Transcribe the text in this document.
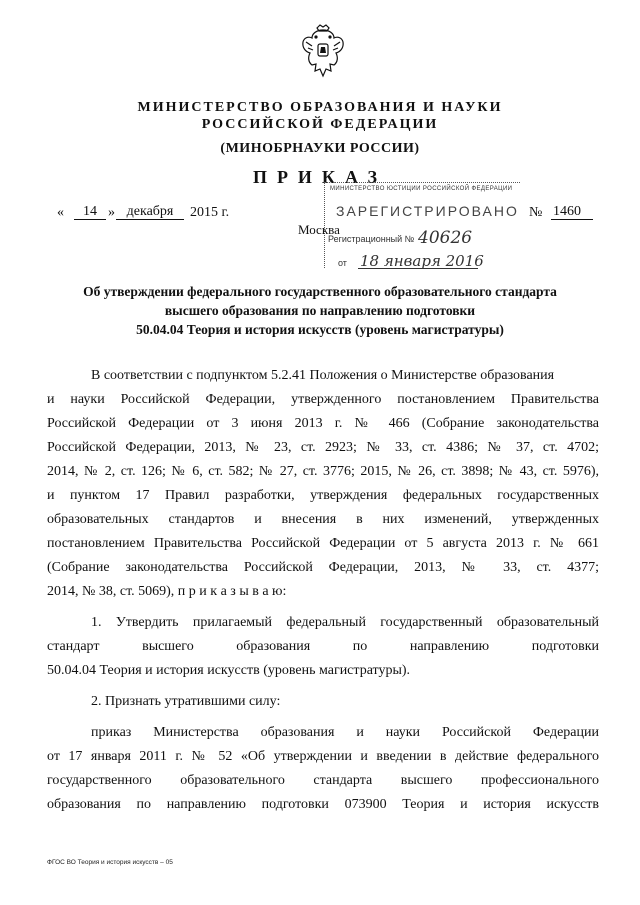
МИНИСТЕРСТВО ОБРАЗОВАНИЯ И НАУКИ
РОССИЙСКОЙ ФЕДЕРАЦИИ
(МИНОБРНАУКИ РОССИИ)
ПРИКАЗ
МИНИСТЕРСТВО ЮСТИЦИИ РОССИЙСКОЙ ФЕДЕРАЦИИ
ЗАРЕГИСТРИРОВАНО
Регистрационный № 40626
от 18 января 2016
«	14 » декабря	2015 г.	№ 1460
Москва
Об утверждении федерального государственного образовательного стандарта
высшего образования по направлению подготовки
50.04.04 Теория и история искусств (уровень магистратуры)
В соответствии с подпунктом 5.2.41 Положения о Министерстве образования
и науки Российской Федерации, утвержденного постановлением Правительства
Российской Федерации от 3 июня 2013 г. № 466 (Собрание законодательства
Российской Федерации, 2013, № 23, ст. 2923; № 33, ст. 4386; № 37, ст. 4702;
2014, № 2, ст. 126; № 6, ст. 582; № 27, ст. 3776; 2015, № 26, ст. 3898; № 43, ст. 5976),
и пунктом 17 Правил разработки, утверждения федеральных государственных
образовательных стандартов и внесения в них изменений, утвержденных
постановлением Правительства Российской Федерации от 5 августа 2013 г. № 661
(Собрание законодательства Российской Федерации, 2013, № 33, ст. 4377;
2014, № 38, ст. 5069), п р и к а з ы в а ю:
1. Утвердить прилагаемый федеральный государственный образовательный
стандарт высшего образования по направлению подготовки
50.04.04 Теория и история искусств (уровень магистратуры).
2. Признать утратившими силу:
приказ Министерства образования и науки Российской Федерации
от 17 января 2011 г. № 52 «Об утверждении и введении в действие федерального
государственного образовательного стандарта высшего профессионального
образования по направлению подготовки 073900 Теория и история искусств
ФГОС ВО Теория и история искусств – 05
